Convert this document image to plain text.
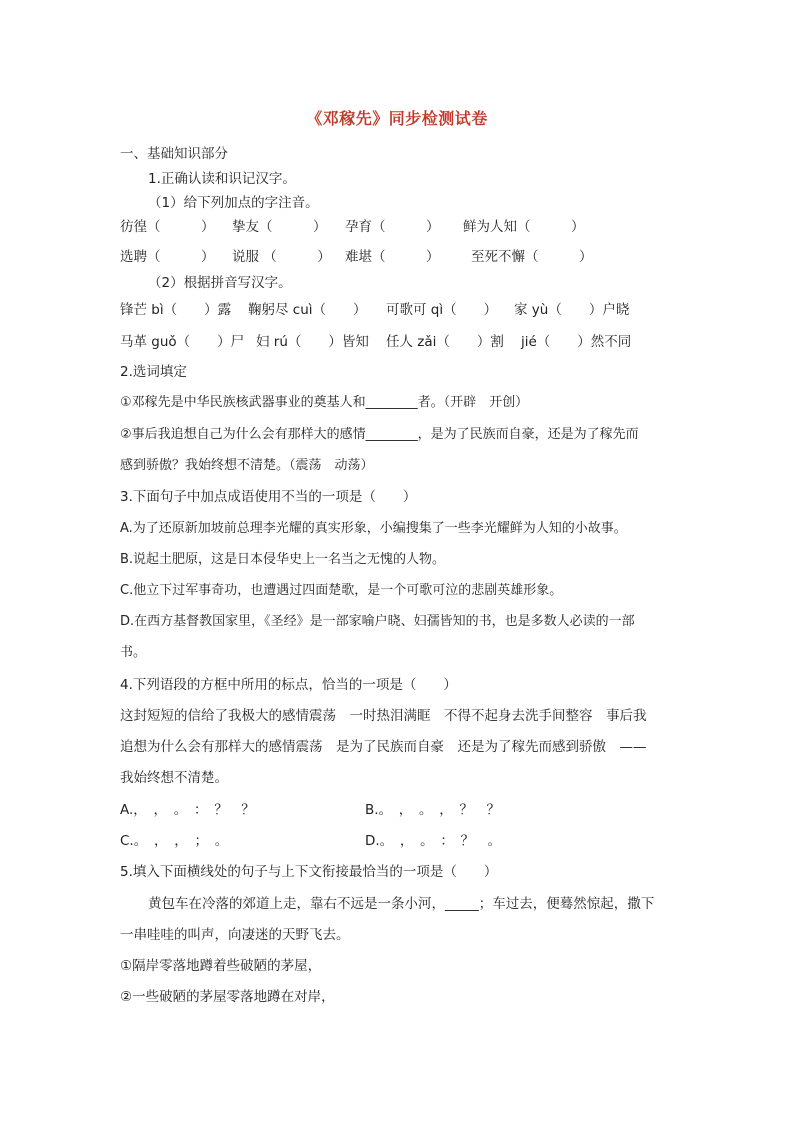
《邓稼先》同步检测试卷
一、基础知识部分
1.正确认读和识记汉字。
（1）给下列加点的字注音。
彷徨（　　　） 挚友（　　　） 孕育（　　　） 鲜为人知（　　　）
选聘（　　　） 说服 （　　　） 难堪（　　　） 至死不懈（　　　）
（2）根据拼音写汉字。
锋芒 bì（　　）露 鞠躬尽 cuì（　　） 可歌可 qì（　　） 家 yù（　　）户晓
马革 guǒ（　　）尸 妇 rú（　　）皆知 任人 zǎi（　　）割 jié（　　）然不同
2.选词填定
①邓稼先是中华民族核武器事业的奠基人和________者。（开辟　开创）
②事后我追想自己为什么会有那样大的感情________，是为了民族而自豪，还是为了稼先而
感到骄傲？我始终想不清楚。（震荡　动荡）
3.下面句子中加点成语使用不当的一项是（　　）
A.为了还原新加坡前总理李光耀的真实形象，小编搜集了一些李光耀鲜为人知的小故事。
B.说起土肥原，这是日本侵华史上一名当之无愧的人物。
C.他立下过军事奇功，也遭遇过四面楚歌，是一个可歌可泣的悲剧英雄形象。
D.在西方基督教国家里，《圣经》是一部家喻户晓、妇孺皆知的书，也是多数人必读的一部
书。
4.下列语段的方框中所用的标点，恰当的一项是（　　）
这封短短的信给了我极大的感情震荡　一时热泪满眶　不得不起身去洗手间整容　事后我
追想为什么会有那样大的感情震荡　是为了民族而自豪　还是为了稼先而感到骄傲　——
我始终想不清楚。
A.，　，　。　：　？　？	B.。　，　。　，　？　？
C.。　，　，　；　。	D.。　，　。　：　？　。
5.填入下面横线处的句子与上下文衔接最恰当的一项是（　　）
黄包车在冷落的郊道上走，靠右不远是一条小河，_____；车过去，便蓦然惊起，撒下
一串哇哇的叫声，向凄迷的天野飞去。
①隔岸零落地蹲着些破陋的茅屋，
②一些破陋的茅屋零落地蹲在对岸，
